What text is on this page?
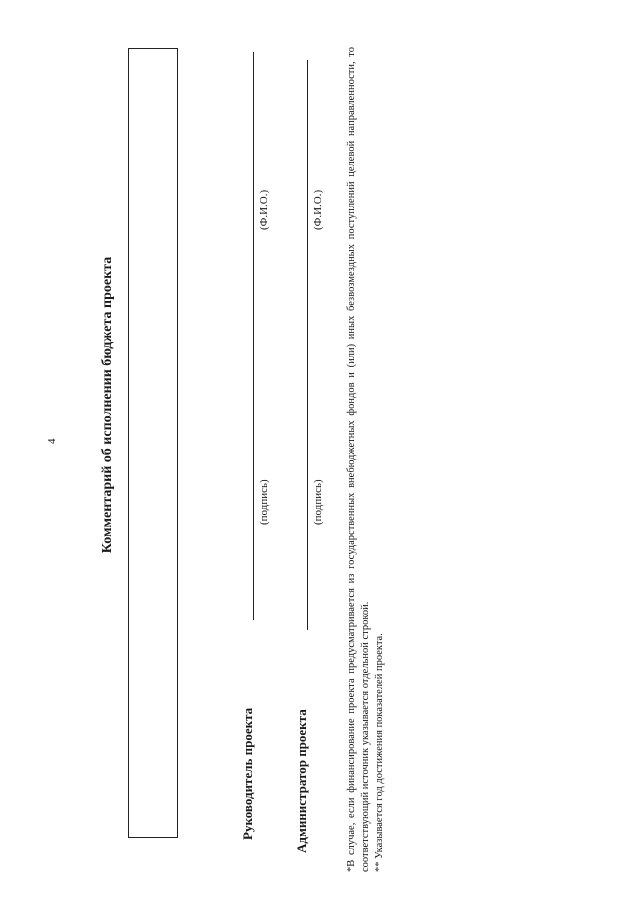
4	Комментарий об исполнении бюджета проекта
Руководитель проекта
(подпись)
(Ф.И.О.)
Администратор проекта
(подпись)
(Ф.И.О.) *В случае, если финансирование проекта предусматривается из государственных внебюджетных фондов и (или) иных безвозмездных поступлений целевой направленности, то соответствующий источник указывается отдельной строкой. ** Указывается год достижения показателей проекта.
